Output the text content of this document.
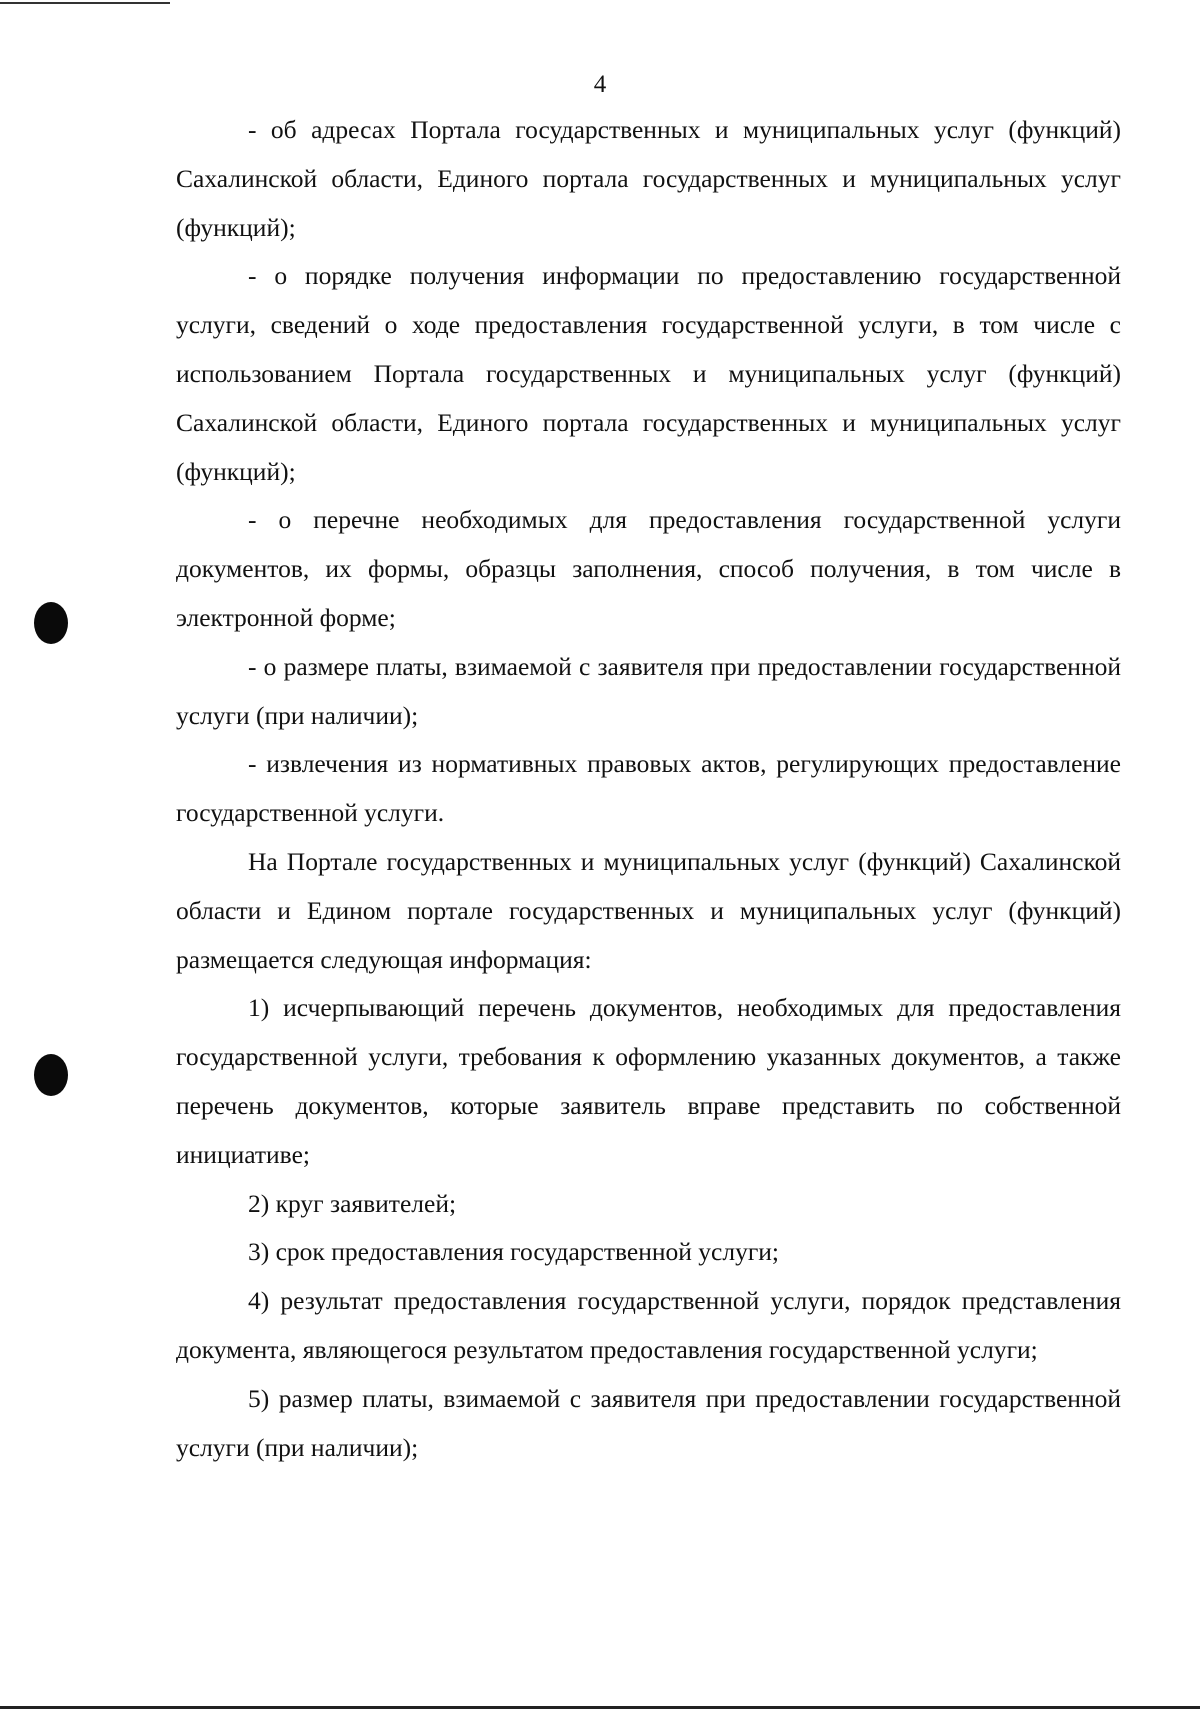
4

- об адресах Портала государственных и муниципальных услуг (функций) Сахалинской области, Единого портала государственных и муниципальных услуг (функций);

- о порядке получения информации по предоставлению государственной услуги, сведений о ходе предоставления государственной услуги, в том числе с использованием Портала государственных и муниципальных услуг (функций) Сахалинской области, Единого портала государственных и муниципальных услуг (функций);

- о перечне необходимых для предоставления государственной услуги документов, их формы, образцы заполнения, способ получения, в том числе в электронной форме;

- о размере платы, взимаемой с заявителя при предоставлении государственной услуги (при наличии);

- извлечения из нормативных правовых актов, регулирующих предоставление государственной услуги.

На Портале государственных и муниципальных услуг (функций) Сахалинской области и Едином портале государственных и муниципальных услуг (функций) размещается следующая информация:

1) исчерпывающий перечень документов, необходимых для предоставления государственной услуги, требования к оформлению указанных документов, а также перечень документов, которые заявитель вправе представить по собственной инициативе;

2) круг заявителей;

3) срок предоставления государственной услуги;

4) результат предоставления государственной услуги, порядок представления документа, являющегося результатом предоставления государственной услуги;

5) размер платы, взимаемой с заявителя при предоставлении государственной услуги (при наличии);
